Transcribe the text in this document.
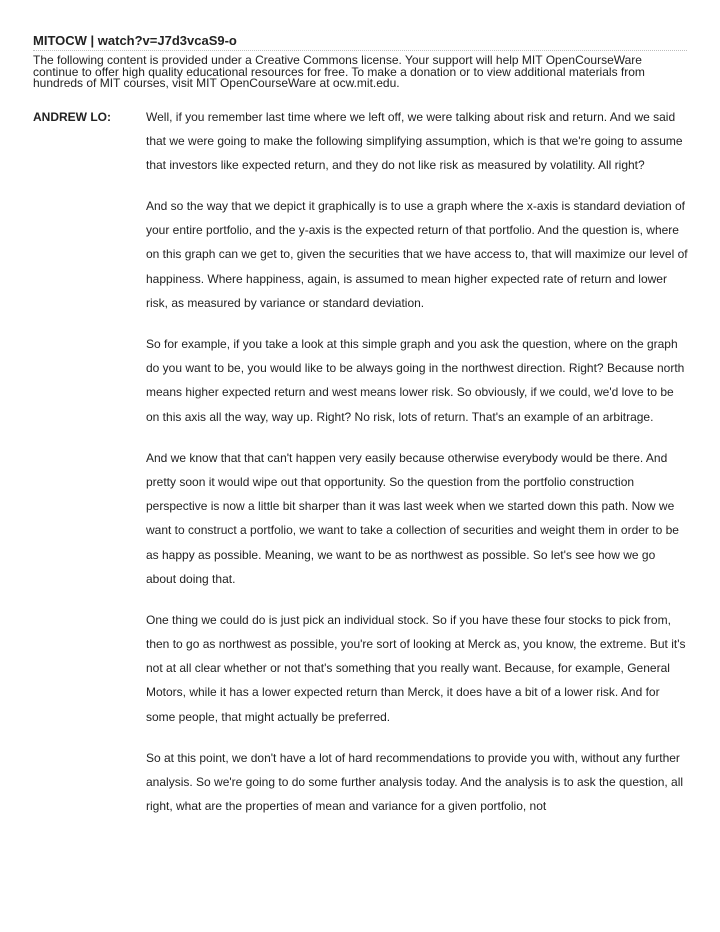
MITOCW | watch?v=J7d3vcaS9-o

The following content is provided under a Creative Commons license. Your support will help MIT OpenCourseWare continue to offer high quality educational resources for free. To make a donation or to view additional materials from hundreds of MIT courses, visit MIT OpenCourseWare at ocw.mit.edu.

ANDREW LO:	Well, if you remember last time where we left off, we were talking about risk and return. And we said that we were going to make the following simplifying assumption, which is that we're going to assume that investors like expected return, and they do not like risk as measured by volatility. All right?

And so the way that we depict it graphically is to use a graph where the x-axis is standard deviation of your entire portfolio, and the y-axis is the expected return of that portfolio. And the question is, where on this graph can we get to, given the securities that we have access to, that will maximize our level of happiness. Where happiness, again, is assumed to mean higher expected rate of return and lower risk, as measured by variance or standard deviation.

So for example, if you take a look at this simple graph and you ask the question, where on the graph do you want to be, you would like to be always going in the northwest direction. Right? Because north means higher expected return and west means lower risk. So obviously, if we could, we'd love to be on this axis all the way, way up. Right? No risk, lots of return. That's an example of an arbitrage.

And we know that that can't happen very easily because otherwise everybody would be there. And pretty soon it would wipe out that opportunity. So the question from the portfolio construction perspective is now a little bit sharper than it was last week when we started down this path. Now we want to construct a portfolio, we want to take a collection of securities and weight them in order to be as happy as possible. Meaning, we want to be as northwest as possible. So let's see how we go about doing that.

One thing we could do is just pick an individual stock. So if you have these four stocks to pick from, then to go as northwest as possible, you're sort of looking at Merck as, you know, the extreme. But it's not at all clear whether or not that's something that you really want. Because, for example, General Motors, while it has a lower expected return than Merck, it does have a bit of a lower risk. And for some people, that might actually be preferred.

So at this point, we don't have a lot of hard recommendations to provide you with, without any further analysis. So we're going to do some further analysis today. And the analysis is to ask the question, all right, what are the properties of mean and variance for a given portfolio, not
